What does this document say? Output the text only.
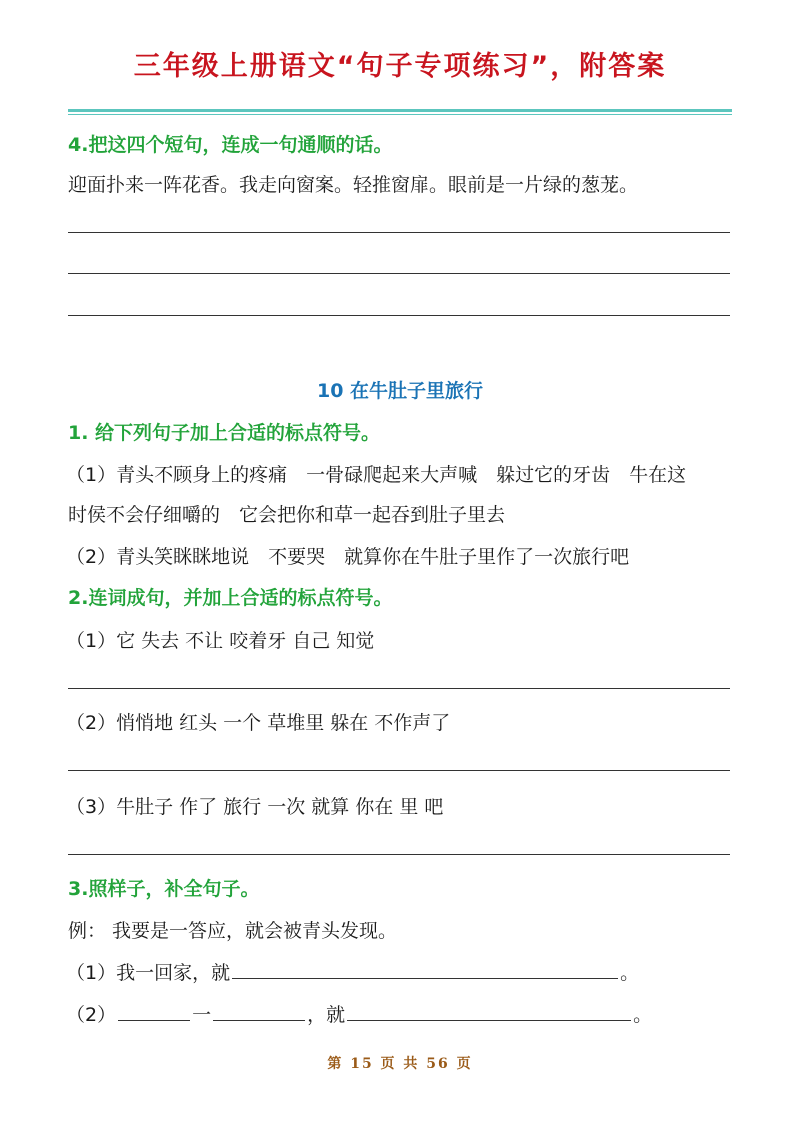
三年级上册语文“句子专项练习”，附答案
4.把这四个短句，连成一句通顺的话。
迎面扑来一阵花香。我走向窗案。轻推窗扉。眼前是一片绿的葱茏。
10 在牛肚子里旅行
1. 给下列句子加上合适的标点符号。
（1）青头不顾身上的疼痛　一骨碌爬起来大声喊　躲过它的牙齿　牛在这
时侯不会仔细嚼的　它会把你和草一起吞到肚子里去
（2）青头笑眯眯地说　不要哭　就算你在牛肚子里作了一次旅行吧
2.连词成句，并加上合适的标点符号。
（1）它 失去 不让 咬着牙 自己 知觉
（2）悄悄地 红头 一个 草堆里 躲在 不作声了
（3）牛肚子 作了 旅行 一次 就算 你在 里 吧
3.照样子，补全句子。
例： 我要是一答应，就会被青头发现。
（1）我一回家，就	。
（2）	一	，就	。
第 15 页 共 56 页
